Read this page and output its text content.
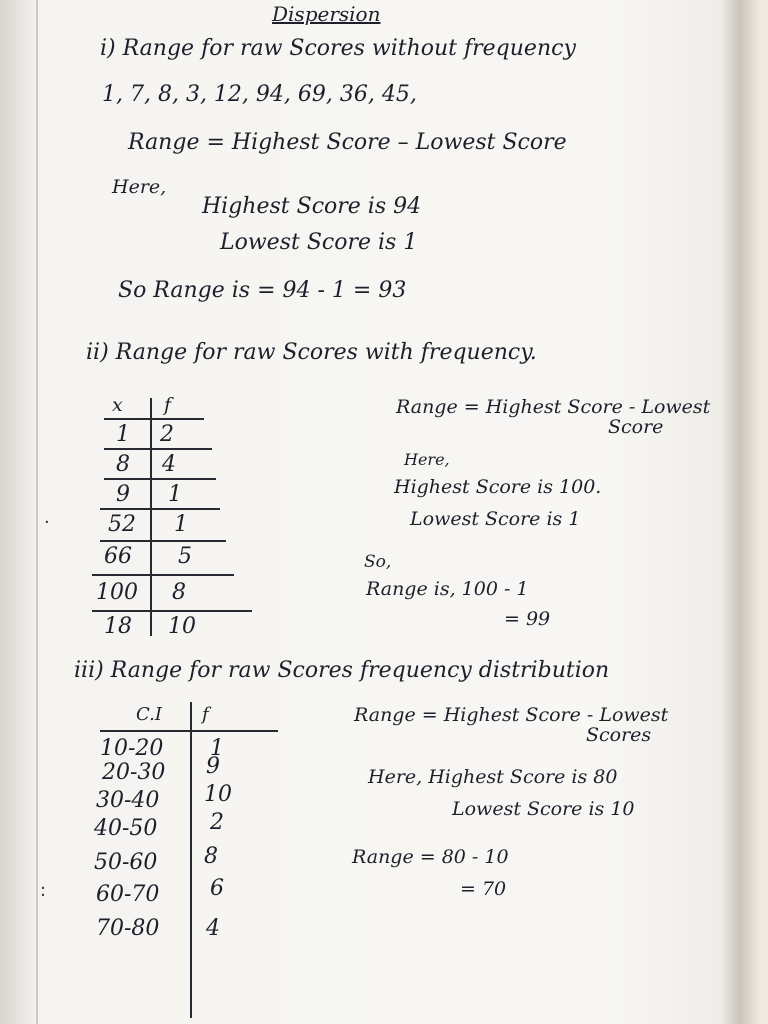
Dispersion
i) Range for raw Scores without frequency
1, 7, 8, 3, 12, 94, 69, 36, 45,
Range = Highest Score – Lowest Score
Here,
Highest Score is 94
Lowest Score is 1
So Range is = 94 - 1 = 93
ii) Range for raw Scores with frequency.
x f
1 2
8 4
9 1
52 1
66 5
100 8
18 10
Range = Highest Score - Lowest
Score
Here,
Highest Score is 100.
Lowest Score is 1
So,
Range is, 100 - 1
= 99
iii) Range for raw Scores frequency distribution
C.I f
10-20 1
20-30 9
30-40 10
40-50 2
50-60 8
60-70 6
70-80 4
Range = Highest Score - Lowest
Scores
Here, Highest Score is 80
Lowest Score is 10
Range = 80 - 10
= 70
·
:
